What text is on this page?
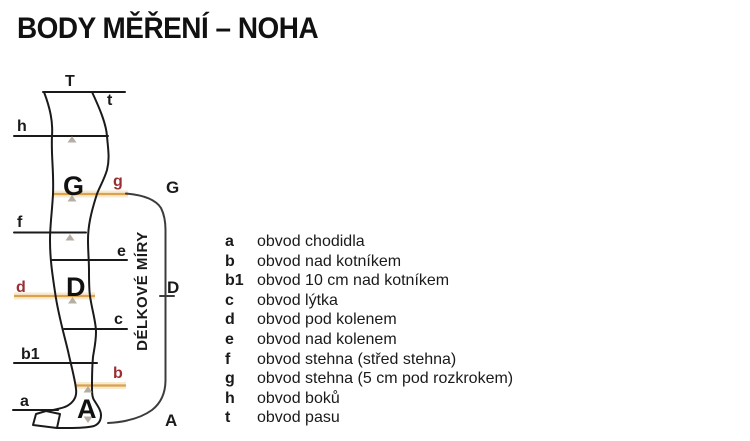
BODY MĚŘENÍ – NOHA
T
t
h
G g
f
e
d D
c
b1
b
a A
G
D
A
DÉLKOVÉ MÍRY	a	obvod chodidla
b	obvod nad kotníkem
b1 obvod 10 cm nad kotníkem
c	obvod lýtka
d	obvod pod kolenem
e	obvod nad kolenem
f	obvod stehna (střed stehna)
g	obvod stehna (5 cm pod rozkrokem)
h	obvod boků
t	obvod pasu
